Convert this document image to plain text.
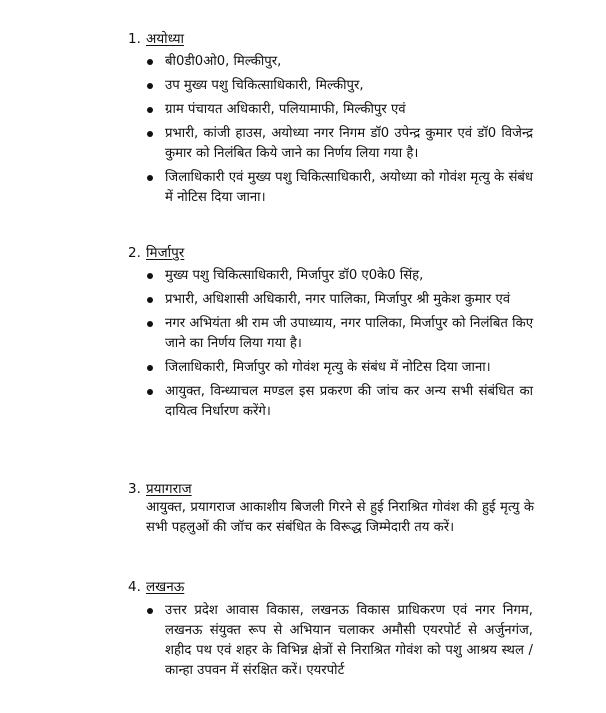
1. अयोध्या
बी0डी0ओ0, मिल्कीपुर,
उप मुख्य पशु चिकित्साधिकारी, मिल्कीपुर,
ग्राम पंचायत अधिकारी, पलियामाफी, मिल्कीपुर एवं
प्रभारी, कांजी हाउस, अयोध्या नगर निगम डॉ0 उपेन्द्र कुमार एवं डॉ0 विजेन्द्र कुमार को निलंबित किये जाने का निर्णय लिया गया है।
जिलाधिकारी एवं मुख्य पशु चिकित्साधिकारी, अयोध्या को गोवंश मृत्यु के संबंध में नोटिस दिया जाना।
2. मिर्जापुर
मुख्य पशु चिकित्साधिकारी, मिर्जापुर डॉ0 ए0के0 सिंह,
प्रभारी, अधिशासी अधिकारी, नगर पालिका, मिर्जापुर श्री मुकेश कुमार एवं
नगर अभियंता श्री राम जी उपाध्याय, नगर पालिका, मिर्जापुर को निलंबित किए जाने का निर्णय लिया गया है।
जिलाधिकारी, मिर्जापुर को गोवंश मृत्यु के संबंध में नोटिस दिया जाना।
आयुक्त, विन्ध्याचल मण्डल इस प्रकरण की जांच कर अन्य सभी संबंधित का दायित्व निर्धारण करेंगे।
3. प्रयागराज
आयुक्त, प्रयागराज आकाशीय बिजली गिरने से हुई निराश्रित गोवंश की हुई मृत्यु के सभी पहलुओं की जॉच कर संबंधित के विरूद्ध जिम्मेदारी तय करें।
4. लखनऊ
उत्तर प्रदेश आवास विकास, लखनऊ विकास प्राधिकरण एवं नगर निगम, लखनऊ संयुक्त रूप से अभियान चलाकर अमौसी एयरपोर्ट से अर्जुनगंज, शहीद पथ एवं शहर के विभिन्न क्षेत्रों से निराश्रित गोवंश को पशु आश्रय स्थल / कान्हा उपवन में संरक्षित करें। एयरपोर्ट
